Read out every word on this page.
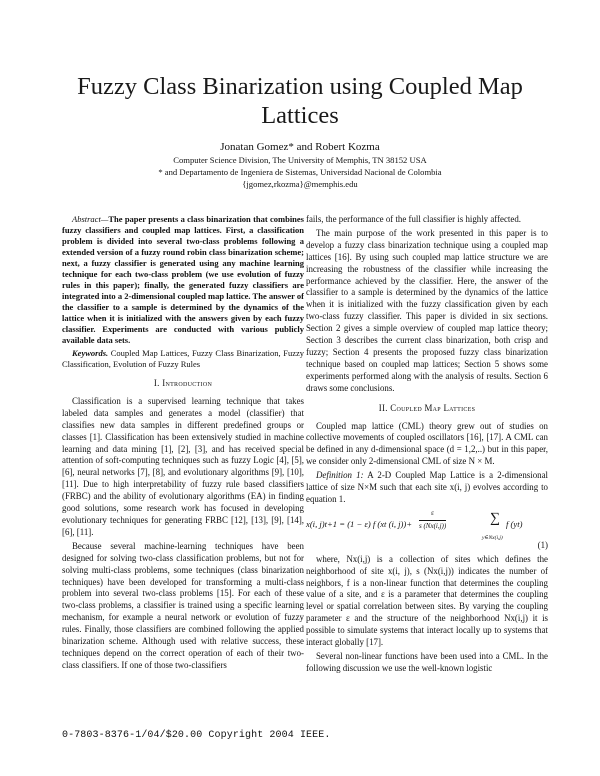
Fuzzy Class Binarization using Coupled Map Lattices
Jonatan Gomez* and Robert Kozma
Computer Science Division, The University of Memphis, TN 38152 USA
* and Departamento de Ingeniera de Sistemas, Universidad Nacional de Colombia
{jgomez,rkozma}@memphis.edu

Abstract—The paper presents a class binarization that combines fuzzy classifiers and coupled map lattices. First, a classification problem is divided into several two-class problems following a extended version of a fuzzy round robin class binarization scheme; next, a fuzzy classifier is generated using any machine learning technique for each two-class problem (we use evolution of fuzzy rules in this paper); finally, the generated fuzzy classifiers are integrated into a 2-dimensional coupled map lattice. The answer of the classifier to a sample is determined by the dynamics of the lattice when it is initialized with the answers given by each fuzzy classifier. Experiments are conducted with various publicly available data sets.

Keywords. Coupled Map Lattices, Fuzzy Class Binarization, Fuzzy Classification, Evolution of Fuzzy Rules

I. Introduction

Classification is a supervised learning technique that takes labeled data samples and generates a model (classifier) that classifies new data samples in different predefined groups or classes [1]. Classification has been extensively studied in machine learning and data mining [1], [2], [3], and has received special attention of soft-computing techniques such as fuzzy Logic [4], [5], [6], neural networks [7], [8], and evolutionary algorithms [9], [10], [11]. Due to high interpretability of fuzzy rule based classifiers (FRBC) and the ability of evolutionary algorithms (EA) in finding good solutions, some research work has focused in developing evolutionary techniques for generating FRBC [12], [13], [9], [14], [6], [11].

Because several machine-learning techniques have been designed for solving two-class classification problems, but not for solving multi-class problems, some techniques (class binarization techniques) have been developed for transforming a multi-class problem into several two-class problems [15]. For each of these two-class problems, a classifier is trained using a specific learning mechanism, for example a neural network or evolution of fuzzy rules. Finally, those classifiers are combined following the applied binarization scheme. Although used with relative success, these techniques depend on the correct operation of each of their two-class classifiers. If one of those two-classifiers

fails, the performance of the full classifier is highly affected.

The main purpose of the work presented in this paper is to develop a fuzzy class binarization technique using a coupled map lattices [16]. By using such coupled map lattice structure we are increasing the robustness of the classifier while increasing the performance achieved by the classifier. Here, the answer of the classifier to a sample is determined by the dynamics of the lattice when it is initialized with the fuzzy classification given by each two-class fuzzy classifier. This paper is divided in six sections. Section 2 gives a simple overview of coupled map lattice theory; Section 3 describes the current class binarization, both crisp and fuzzy; Section 4 presents the proposed fuzzy class binarization technique based on coupled map lattices; Section 5 shows some experiments performed along with the analysis of results. Section 6 draws some conclusions.

II. Coupled Map Lattices

Coupled map lattice (CML) theory grew out of studies on collective movements of coupled oscillators [16], [17]. A CML can be defined in any d-dimensional space (d = 1,2,..) but in this paper, we consider only 2-dimensional CML of size N × M.

Definition 1: A 2-D Coupled Map Lattice is a 2-dimensional lattice of size N×M such that each site x(i, j) evolves according to equation 1.

x(i, j)t+1 = (1 − ε) f (xt (i, $j))+ \frac{\varepsilon}{s (Nx(i,j))}$	∑
y∈Nx(i,j)
f (yt)

(1)

where, Nx(i,j) is a collection of sites which defines the neighborhood of site x(i, j), s (Nx(i,j)) indicates the number of neighbors, f is a non-linear function that determines the coupling value of a site, and ε is a parameter that determines the coupling level or spatial correlation between sites. By varying the coupling parameter ε and the structure of the neighborhood Nx(i,j) it is possible to simulate systems that interact locally up to systems that interact globally [17].

Several non-linear functions have been used into a CML. In the following discussion we use the well-known logistic

0-7803-8376-1/04/$20.00 Copyright 2004 IEEE.
